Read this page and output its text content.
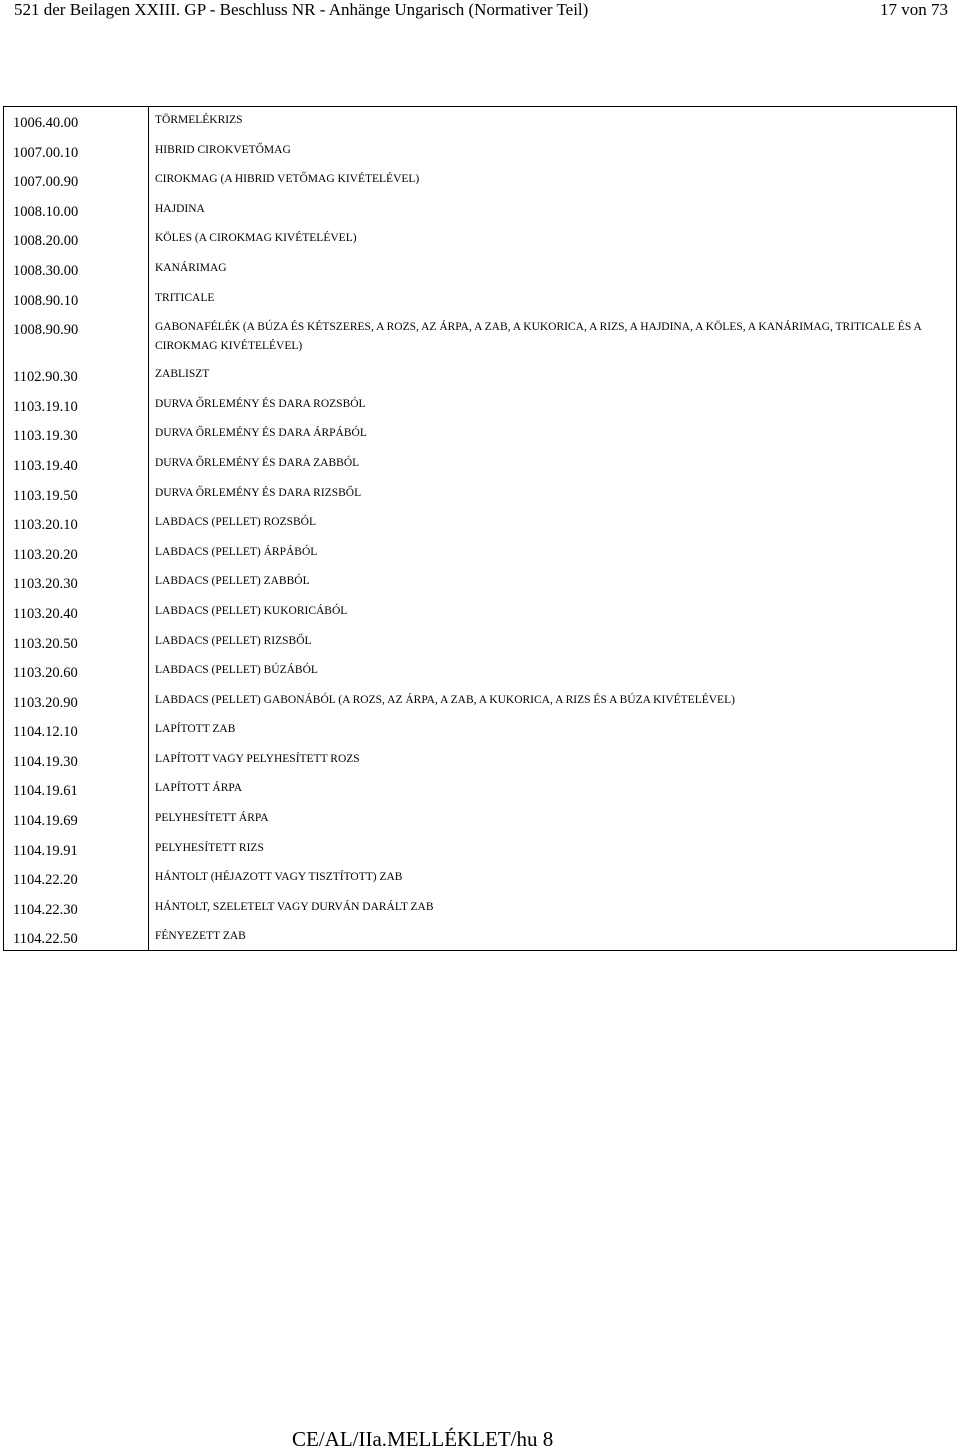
521 der Beilagen XXIII. GP - Beschluss NR - Anhänge Ungarisch (Normativer Teil)	17 von 73
1006.40.00	TÖRMELÉKRIZS
1007.00.10	HIBRID CIROKVETŐMAG
1007.00.90	CIROKMAG (A HIBRID VETŐMAG KIVÉTELÉVEL)
1008.10.00	HAJDINA
1008.20.00	KÖLES (A CIROKMAG KIVÉTELÉVEL)
1008.30.00	KANÁRIMAG
1008.90.10	TRITICALE
1008.90.90	GABONAFÉLÉK (A BÚZA ÉS KÉTSZERES, A ROZS, AZ ÁRPA, A ZAB, A KUKORICA, A RIZS, A HAJDINA, A KÖLES, A KANÁRIMAG, TRITICALE ÉS A CIROKMAG KIVÉTELÉVEL)
1102.90.30	ZABLISZT
1103.19.10	DURVA ŐRLEMÉNY ÉS DARA ROZSBÓL
1103.19.30	DURVA ŐRLEMÉNY ÉS DARA ÁRPÁBÓL
1103.19.40	DURVA ŐRLEMÉNY ÉS DARA ZABBÓL
1103.19.50	DURVA ŐRLEMÉNY ÉS DARA RIZSBŐL
1103.20.10	LABDACS (PELLET) ROZSBÓL
1103.20.20	LABDACS (PELLET) ÁRPÁBÓL
1103.20.30	LABDACS (PELLET) ZABBÓL
1103.20.40	LABDACS (PELLET) KUKORICÁBÓL
1103.20.50	LABDACS (PELLET) RIZSBŐL
1103.20.60	LABDACS (PELLET) BÚZÁBÓL
1103.20.90	LABDACS (PELLET) GABONÁBÓL (A ROZS, AZ ÁRPA, A ZAB, A KUKORICA, A RIZS ÉS A BÚZA KIVÉTELÉVEL)
1104.12.10	LAPÍTOTT ZAB
1104.19.30	LAPÍTOTT VAGY PELYHESÍTETT ROZS
1104.19.61	LAPÍTOTT ÁRPA
1104.19.69	PELYHESÍTETT ÁRPA
1104.19.91	PELYHESÍTETT RIZS
1104.22.20	HÁNTOLT (HÉJAZOTT VAGY TISZTÍTOTT) ZAB
1104.22.30	HÁNTOLT, SZELETELT VAGY DURVÁN DARÁLT ZAB
1104.22.50	FÉNYEZETT ZAB
CE/AL/IIa.MELLÉKLET/hu 8
